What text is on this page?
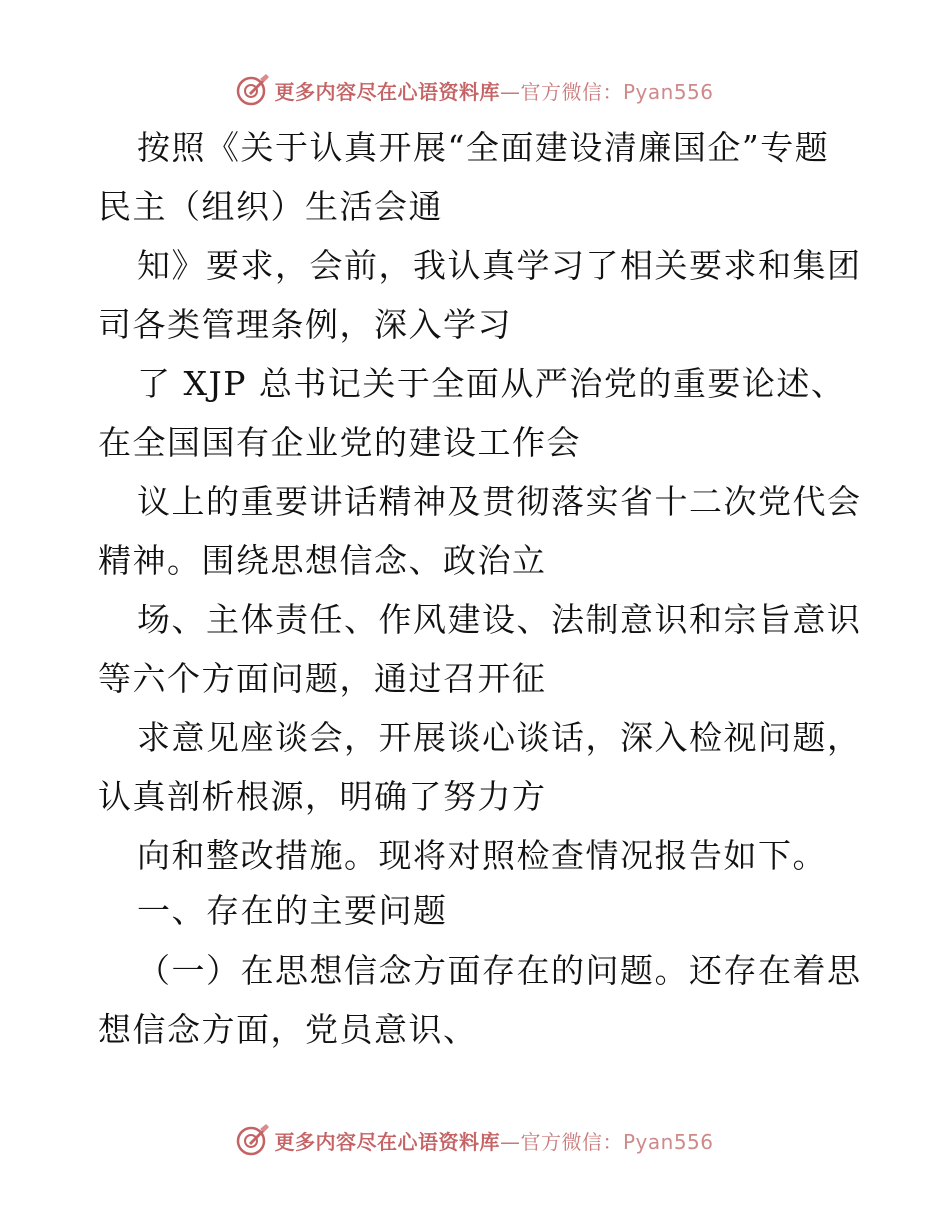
更多内容尽在心语资料库—官方微信：Pyan556
按照《关于认真开展“全面建设清廉国企”专题
民主（组织）生活会通
知》要求，会前，我认真学习了相关要求和集团
司各类管理条例，深入学习
了 XJP 总书记关于全面从严治党的重要论述、
在全国国有企业党的建设工作会
议上的重要讲话精神及贯彻落实省十二次党代会
精神。围绕思想信念、政治立
场、主体责任、作风建设、法制意识和宗旨意识
等六个方面问题，通过召开征
求意见座谈会，开展谈心谈话，深入检视问题，
认真剖析根源，明确了努力方
向和整改措施。现将对照检查情况报告如下。
一、存在的主要问题
（一）在思想信念方面存在的问题。还存在着思
想信念方面，党员意识、
更多内容尽在心语资料库—官方微信：Pyan556
